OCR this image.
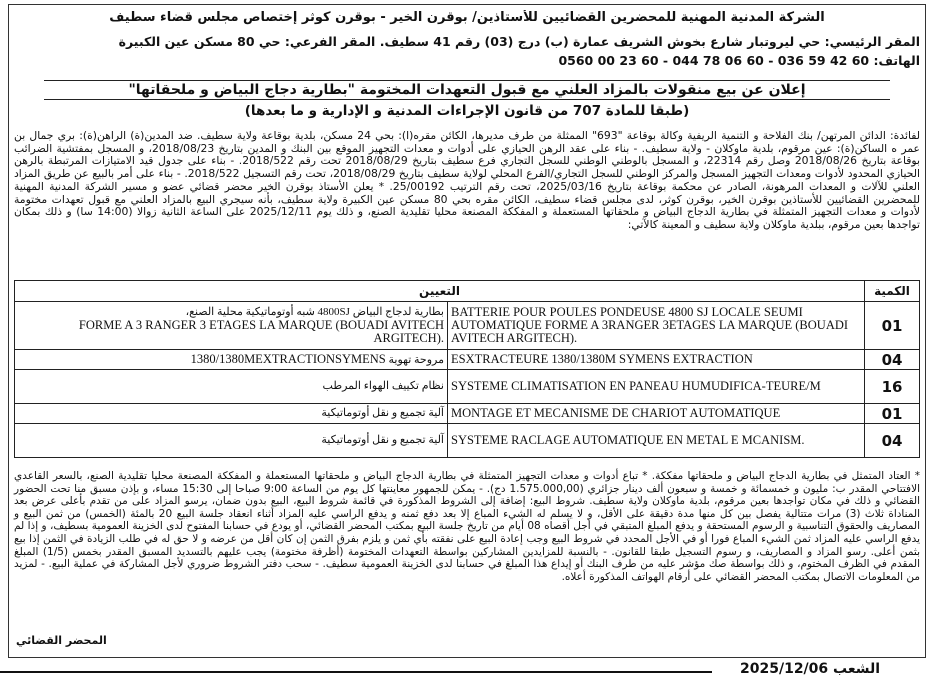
الشركة المدنية المهنية للمحضرين القضائيين للأستاذين/ بوقرن الخير - بوقرن كوثر إختصاص مجلس قضاء سطيف
المقر الرئيسي: حي ليروتبار شارع بخوش الشريف عمارة (ب) درج (03) رقم 41 سطيف. المقر الفرعي: حي 80 مسكن عين الكبيرة
الهاتف: 60 42 59 036 - 60 06 78 044 - 60 23 00 0560
إعلان عن بيع منقولات بالمزاد العلني مع قبول التعهدات المختومة "بطارية دجاج البياض و ملحقاتها"
(طبقا للمادة 707 من قانون الإجراءات المدنية و الإدارية و ما بعدها)

لفائدة: الدائن المرتهن/ بنك الفلاحة و التنمية الريفية وكالة بوقاعة "693" الممثلة من طرف مديرها، الكائن مقره(ا): بحي 24 مسكن، بلدية بوقاعة ولاية سطيف. ضد المدين(ة) الراهن(ة): بري جمال بن عمر ه الساكن(ة): عين مرقوم، بلدية ماوكلان - ولاية سطيف. - بناء على عقد الرهن الحيازي على أدوات و معدات التجهيز الموقع بين البنك و المدين بتاريخ 2018/08/23، و المسجل بمفتشية الضرائب بوقاعة بتاريخ 2018/08/26 وصل رقم 22314، و المسجل بالوطني الوطني للسجل التجاري فرع سطيف بتاريخ 2018/08/29 تحت رقم 2018/522. - بناء على جدول قيد الامتيازات المرتبطة بالرهن الحيازي المحدود لأدوات ومعدات التجهيز المسجل والمركز الوطني للسجل التجاري/الفرع المحلي لولاية سطيف بتاريخ 2018/08/29، تحت رقم التسجيل 2018/522. - بناء على أمر بالبيع عن طريق المزاد العلني للآلات و المعدات المرهونة، الصادر عن محكمة بوقاعة بتاريخ 2025/03/16، تحت رقم الترتيب 25/00192. * يعلن الأستاذ بوقرن الخير محضر قضائي عضو و مسير الشركة المدنية المهنية للمحضرين القضائيين للأستاذين بوقرن الخير، بوقرن كوثر، لدى مجلس قضاء سطيف، الكائن مقره بحي 80 مسكن عين الكبيرة ولاية سطيف، بأنه سيجري البيع بالمزاد العلني مع قبول تعهدات مختومة لأدوات و معدات التجهيز المتمثلة في بطارية الدجاج البياض و ملحقاتها المستعملة و المفككة المصنعة محليا تقليدية الصنع، و ذلك يوم 2025/12/11 على الساعة الثانية زوالا (14:00 سا) و ذلك بمكان تواجدها بعين مرقوم، ببلدية ماوكلان ولاية سطيف و المعينة كالآتي:

التعيين		الكمية

بطارية لدجاج البياض 4800SJ شبه أوتوماتيكية محلية الصنع،
FORME A 3 RANGER 3 ETAGES LA MARQUE (BOUADI AVITECH ARGITECH).	BATTERIE POUR POULES PONDEUSE 4800 SJ LOCALE SEUMI AUTOMATIQUE FORME A 3RANGER 3ETAGES LA MARQUE (BOUADI AVITECH ARGITECH).	01
مروحة تهوية 1380/1380MEXTRACTIONSYMENS	ESXTRACTEURE 1380/1380M SYMENS EXTRACTION	04
نظام تكييف الهواء المرطب	SYSTEME CLIMATISATION EN PANEAU HUMUDIFICA-TEURE/M	16
آلية تجميع و نقل أوتوماتيكية	MONTAGE ET MECANISME DE CHARIOT AUTOMATIQUE	01
آلية تجميع و نقل أوتوماتيكية	SYSTEME RACLAGE AUTOMATIQUE EN METAL E MCANISM.	04

* العتاد المتمثل في بطارية الدجاج البياض و ملحقاتها مفككة. * تباع أدوات و معدات التجهيز المتمثلة في بطارية الدجاج البياض و ملحقاتها المستعملة و المفككة المصنعة محليا تقليدية الصنع، بالسعر القاعدي الافتتاحي المقدر ب: مليون و خمسمائة و خمسة و سبعون ألف دينار جزائري (1.575.000,00 دج). - يمكن للجمهور معاينتها كل يوم من الساعة 9:00 صباحا إلى 15:30 مساء، و بإذن مسبق منا تحت الحضور القضائي و ذلك في مكان تواجدها بعين مرقوم، بلدية ماوكلان ولاية سطيف. شروط البيع: إضافة إلى الشروط المذكورة في قائمة شروط البيع، البيع بدون ضمان، يرسو المزاد على من تقدم بأعلى عرض بعد المناداة ثلاث (3) مرات متتالية يفصل بين كل منها مدة دقيقة على الأقل، و لا يسلم له الشيء المباع إلا بعد دفع ثمنه و يدفع الراسي عليه المزاد أثناء انعقاد جلسة البيع 20 بالمئة (الخمس) من ثمن البيع و المصاريف والحقوق التناسبية و الرسوم المستحقة و يدفع المبلغ المتبقي في أجل أقصاه 08 أيام من تاريخ جلسة البيع بمكتب المحضر القضائي، أو يودع في حسابنا المفتوح لدى الخزينة العمومية بسطيف، و إذا لم يدفع الراسي عليه المزاد ثمن الشيء المباع فورا أو في الأجل المحدد في شروط البيع وجب إعادة البيع على نفقته بأي ثمن و يلزم بفرق الثمن إن كان أقل من عرضه و لا حق له في طلب الزيادة في الثمن إذا بيع بثمن أعلى. رسو المزاد و المصاريف، و رسوم التسجيل طبقا للقانون. - بالنسبة للمزايدين المشاركين بواسطة التعهدات المختومة (أظرفة مختومة) يجب عليهم بالتسديد المسبق المقدر بخمس (1/5) المبلغ المقدم في الظرف المختوم، و ذلك بواسطة صك مؤشر عليه من طرف البنك أو إيداع هذا المبلغ في حسابنا لدى الخزينة العمومية سطيف. - سحب دفتر الشروط ضروري لأجل المشاركة في عملية البيع. - لمزيد من المعلومات الاتصال بمكتب المحضر القضائي على أرقام الهواتف المذكورة أعلاه.

المحضر القضائي
2025/12/06 الشعب
